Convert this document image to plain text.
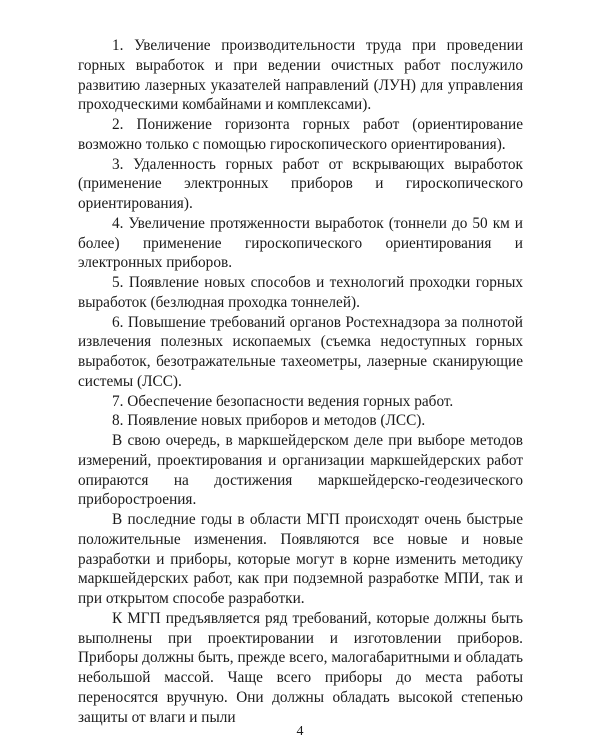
1. Увеличение производительности труда при проведении горных выработок и при ведении очистных работ послужило развитию лазерных указателей направлений (ЛУН) для управления проходческими комбайнами и комплексами).

2. Понижение горизонта горных работ (ориентирование возможно только с помощью гироскопического ориентирования).

3. Удаленность горных работ от вскрывающих выработок (применение электронных приборов и гироскопического ориентирования).

4. Увеличение протяженности выработок (тоннели до 50 км и более) применение гироскопического ориентирования и электронных приборов.

5. Появление новых способов и технологий проходки горных выработок (безлюдная проходка тоннелей).

6. Повышение требований органов Ростехнадзора за полнотой извлечения полезных ископаемых (съемка недоступных горных выработок, безотражательные тахеометры, лазерные сканирующие системы (ЛСС).

7. Обеспечение безопасности ведения горных работ.

8. Появление новых приборов и методов (ЛСС).

В свою очередь, в маркшейдерском деле при выборе методов измерений, проектирования и организации маркшейдерских работ опираются на достижения маркшейдерско-геодезического приборостроения.

В последние годы в области МГП происходят очень быстрые положительные изменения. Появляются все новые и новые разработки и приборы, которые могут в корне изменить методику маркшейдерских работ, как при подземной разработке МПИ, так и при открытом способе разработки.

К МГП предъявляется ряд требований, которые должны быть выполнены при проектировании и изготовлении приборов. Приборы должны быть, прежде всего, малогабаритными и обладать небольшой массой. Чаще всего приборы до места работы переносятся вручную. Они должны обладать высокой степенью защиты от влаги и пыли

4
